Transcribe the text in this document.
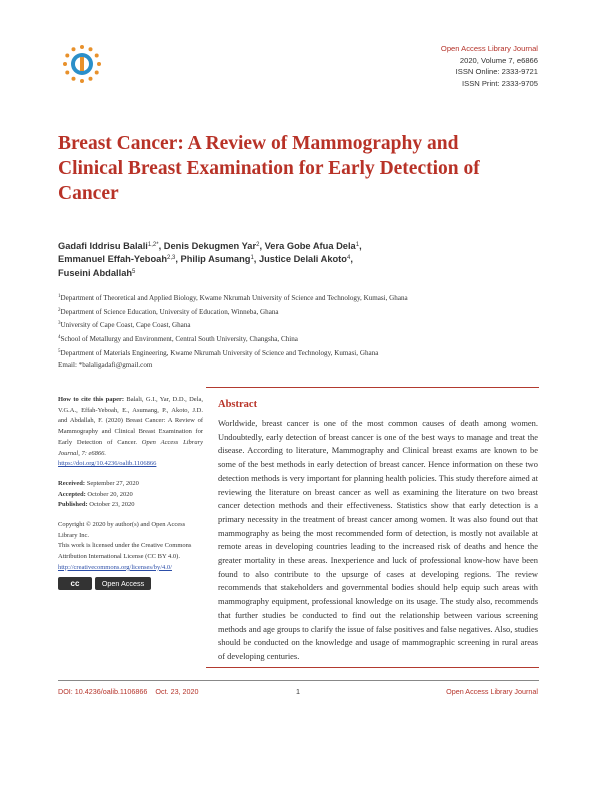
Open Access Library Journal
2020, Volume 7, e6866
ISSN Online: 2333-9721
ISSN Print: 2333-9705
Breast Cancer: A Review of Mammography and Clinical Breast Examination for Early Detection of Cancer
Gadafi Iddrisu Balali$^{1,2*}$, Denis Dekugmen Yar$^2$, Vera Gobe Afua Dela$^1$,
Emmanuel Effah-Yeboah$^{2,3}$, Philip Asumang$^1$, Justice Delali Akoto$^4$,
Fuseini Abdallah$^5$
$^1$Department of Theoretical and Applied Biology, Kwame Nkrumah University of Science and Technology, Kumasi, Ghana
$^2$Department of Science Education, University of Education, Winneba, Ghana
$^3$University of Cape Coast, Cape Coast, Ghana
$^4$School of Metallurgy and Environment, Central South University, Changsha, China
$^5$Department of Materials Engineering, Kwame Nkrumah University of Science and Technology, Kumasi, Ghana
Email: *balaligadafi@gmail.com
How to cite this paper: Balali, G.I., Yar, D.D., Dela, V.G.A., Effah-Yeboah, E., Asumang, P., Akoto, J.D. and Abdallah, F. (2020) Breast Cancer: A Review of Mammography and Clinical Breast Examination for Early Detection of Cancer. Open Access Library Journal, 7: e6866.
https://doi.org/10.4236/oalib.1106866
Received: September 27, 2020
Accepted: October 20, 2020
Published: October 23, 2020
Copyright © 2020 by author(s) and Open Access Library Inc.
This work is licensed under the Creative Commons Attribution International License (CC BY 4.0).
http://creativecommons.org/licenses/by/4.0/
cc	Open Access
Abstract
Worldwide, breast cancer is one of the most common causes of death among women. Undoubtedly, early detection of breast cancer is one of the best ways to manage and treat the disease. According to literature, Mammography and Clinical breast exams are known to be some of the best methods in early detection of breast cancer. Hence information on these two detection methods is very important for planning health policies. This study therefore aimed at reviewing the literature on breast cancer as well as examining the literature on two breast cancer detection methods and their effectiveness. Statistics show that early detection is a primary necessity in the treatment of breast cancer among women. It was also found out that mammography as being the most recommended form of detection, is mostly not available at remote areas in developing countries leading to the increased risk of deaths and hence the greater mortality in these areas. Inexperience and luck of professional know-how have been found to also contribute to the upsurge of cases at developing regions. The review recommends that stakeholders and governmental bodies should help equip such areas with mammography equipment, professional knowledge on its usage. The study also, recommends that further studies be conducted to find out the relationship between various screening methods and age groups to clarify the issue of false positives and false negatives. Also, studies should be conducted on the knowledge and usage of mammographic screening in rural areas of developing centuries.
DOI: 10.4236/oalib.1106866 Oct. 23, 2020	1	Open Access Library Journal
